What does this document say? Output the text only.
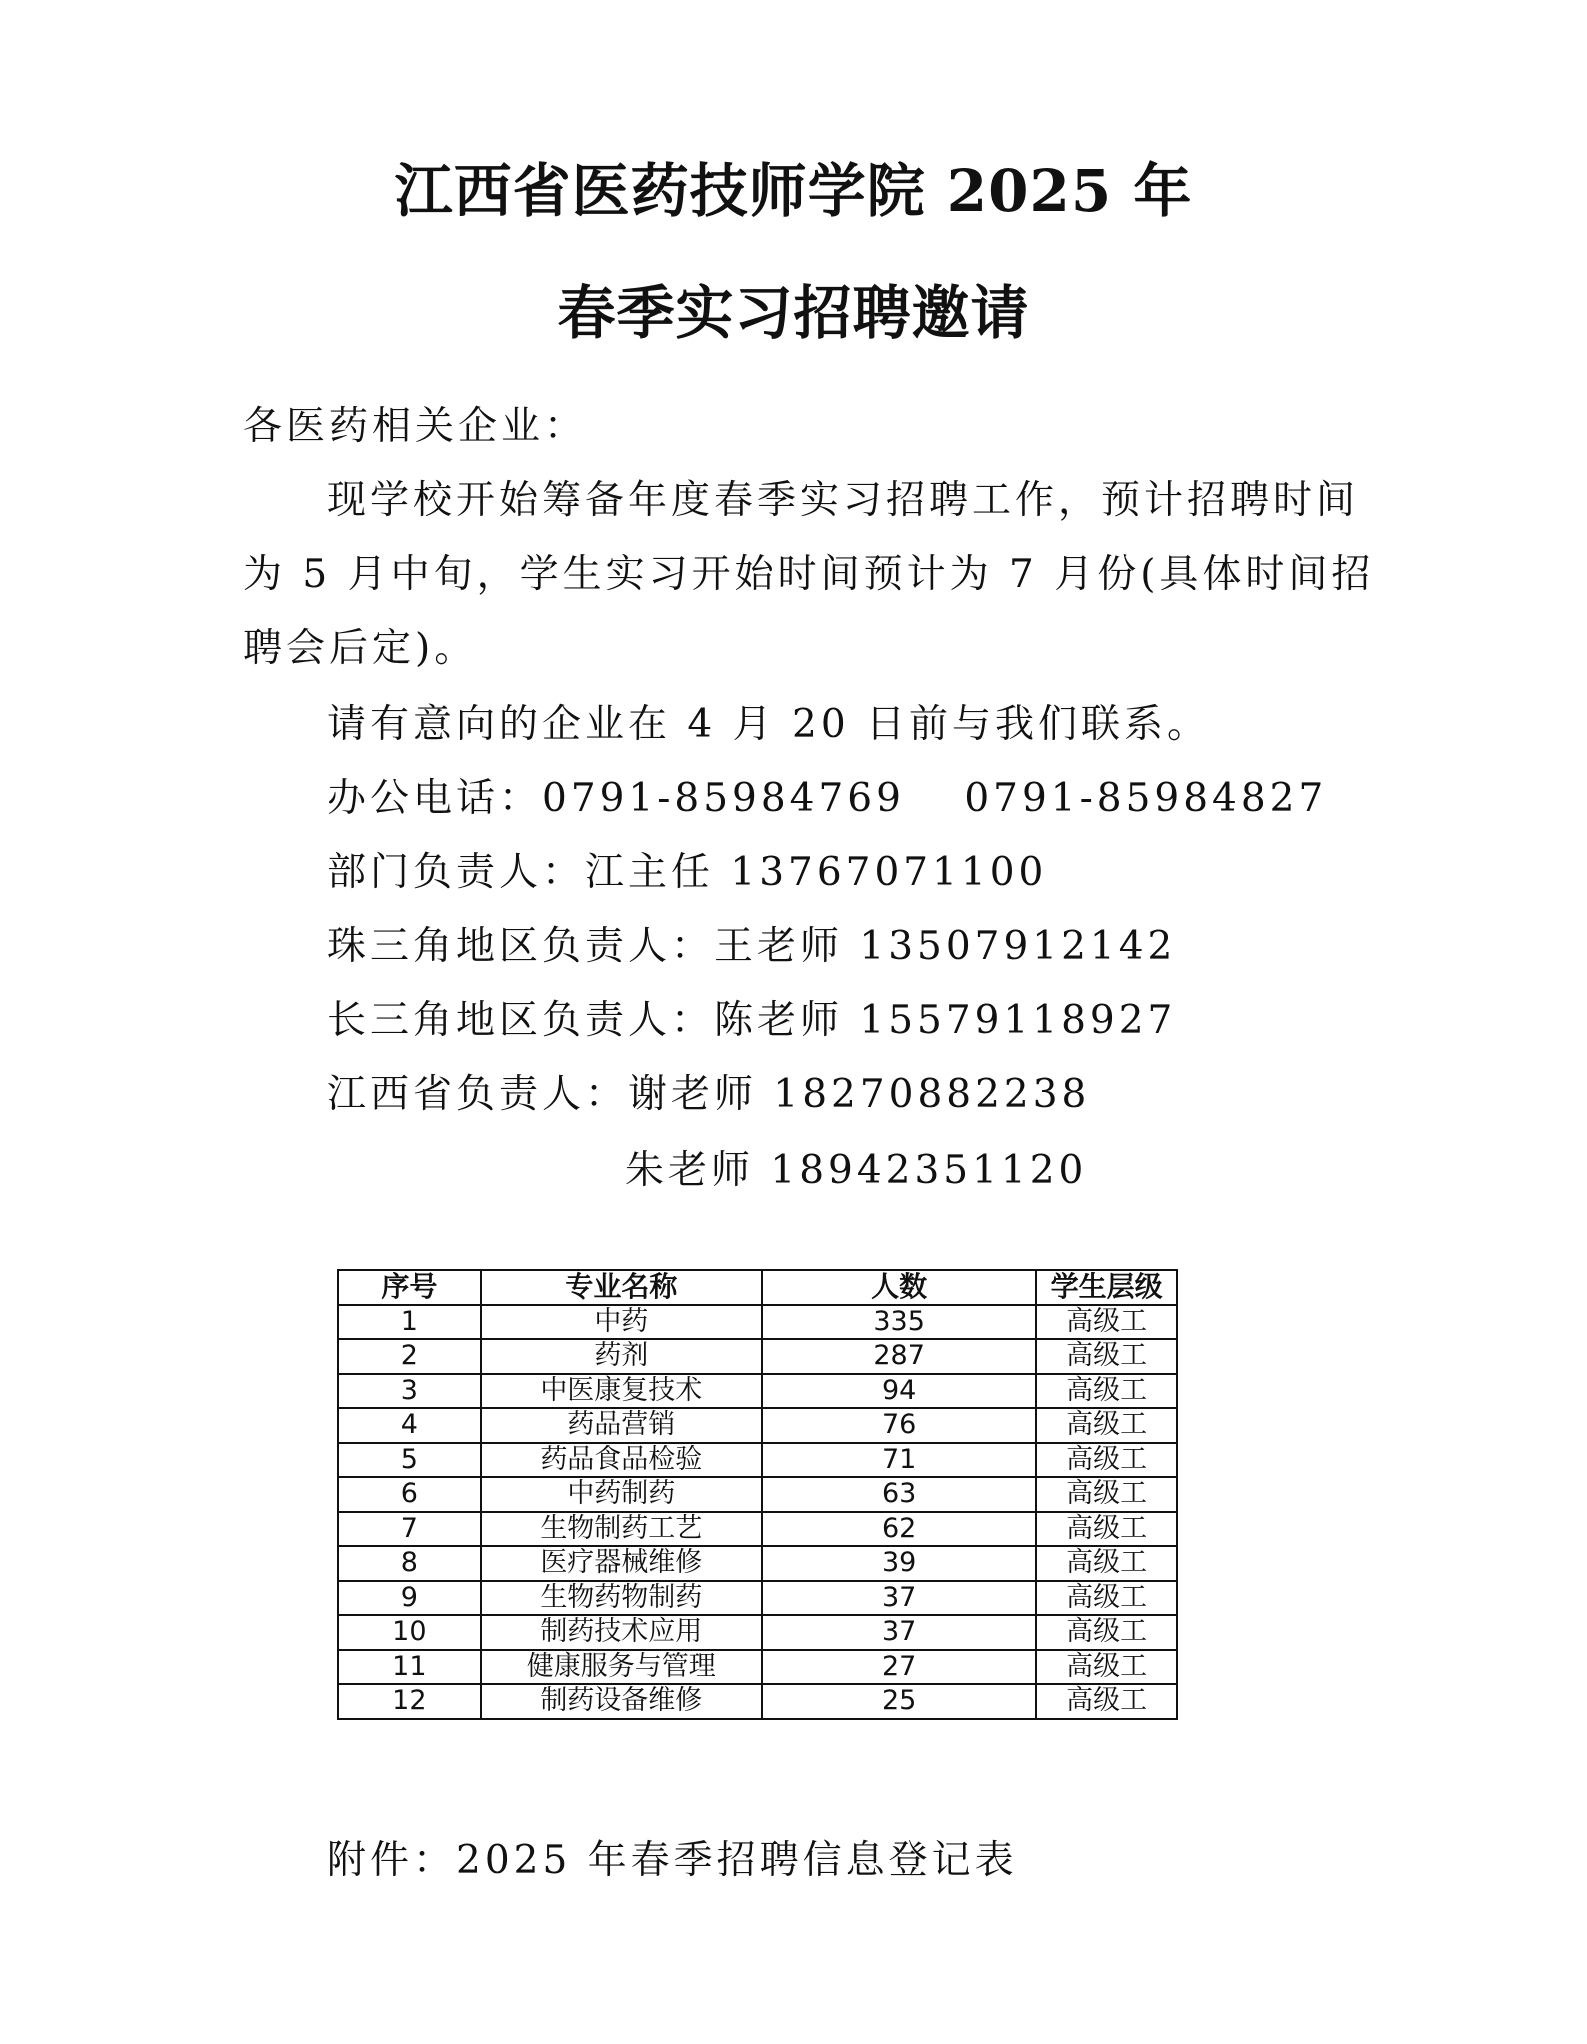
江西省医药技师学院 2025 年
春季实习招聘邀请
各医药相关企业：
现学校开始筹备年度春季实习招聘工作，预计招聘时间
为 5 月中旬，学生实习开始时间预计为 7 月份(具体时间招
聘会后定)。
请有意向的企业在 4 月 20 日前与我们联系。
办公电话：0791-85984769　 0791-85984827
部门负责人：江主任 13767071100
珠三角地区负责人：王老师 13507912142
长三角地区负责人：陈老师 15579118927
江西省负责人：谢老师 18270882238
朱老师 18942351120
序号	专业名称	人数	学生层级
1	中药	335	高级工
2	药剂	287	高级工
3	中医康复技术	94	高级工
4	药品营销	76	高级工
5	药品食品检验	71	高级工
6	中药制药	63	高级工
7	生物制药工艺	62	高级工
8	医疗器械维修	39	高级工
9	生物药物制药	37	高级工
10	制药技术应用	37	高级工
11	健康服务与管理	27	高级工
12	制药设备维修	25	高级工
附件：2025 年春季招聘信息登记表
